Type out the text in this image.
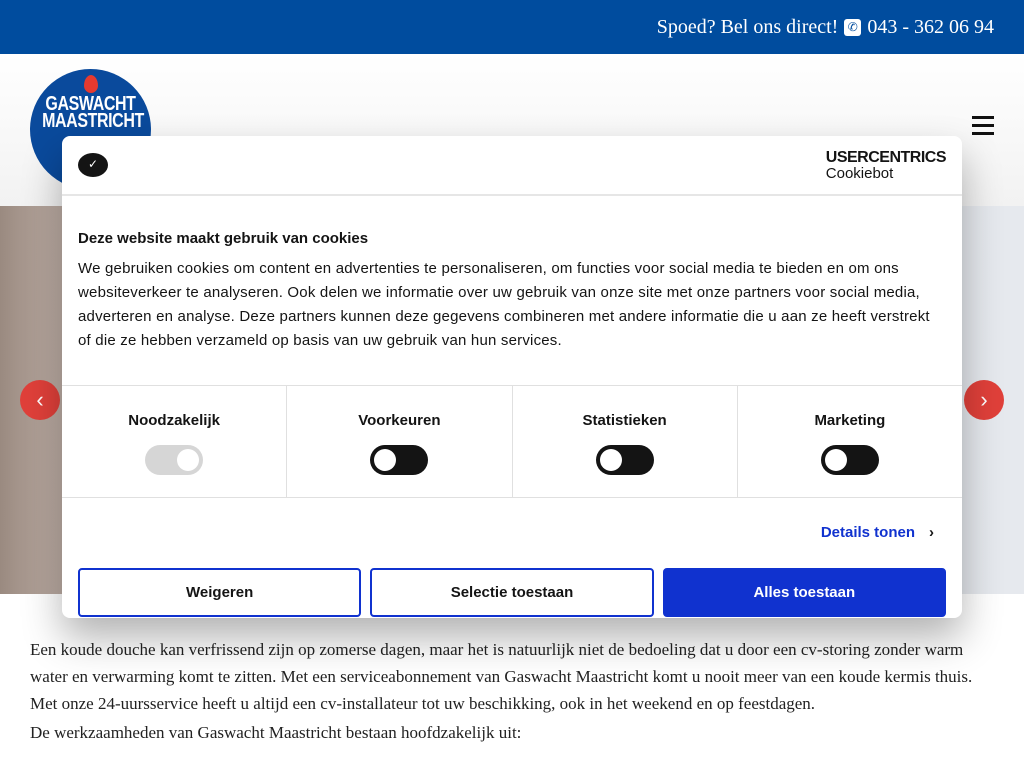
Spoed? Bel ons direct! ✆ 043 - 362 06 94
GASWACHT
MAASTRICHT
‹	›

Een koude douche kan verfrissend zijn op zomerse dagen, maar het is natuurlijk niet de bedoeling dat u door een cv-storing zonder warm water en verwarming komt te zitten. Met een serviceabonnement van Gaswacht Maastricht komt u nooit meer van een koude kermis thuis. Met onze 24-uursservice heeft u altijd een cv-installateur tot uw beschikking, ook in het weekend en op feestdagen.

De werkzaamheden van Gaswacht Maastricht bestaan hoofdzakelijk uit:

✓	USERCENTRICS
Cookiebot
Deze website maakt gebruik van cookies

We gebruiken cookies om content en advertenties te personaliseren, om functies voor social media te bieden en om ons websiteverkeer te analyseren. Ook delen we informatie over uw gebruik van onze site met onze partners voor social media, adverteren en analyse. Deze partners kunnen deze gegevens combineren met andere informatie die u aan ze heeft verstrekt of die ze hebben verzameld op basis van uw gebruik van hun services.

Noodzakelijk	Voorkeuren	Statistieken	Marketing
Details tonen ›
Weigeren	Selectie toestaan	Alles toestaan
